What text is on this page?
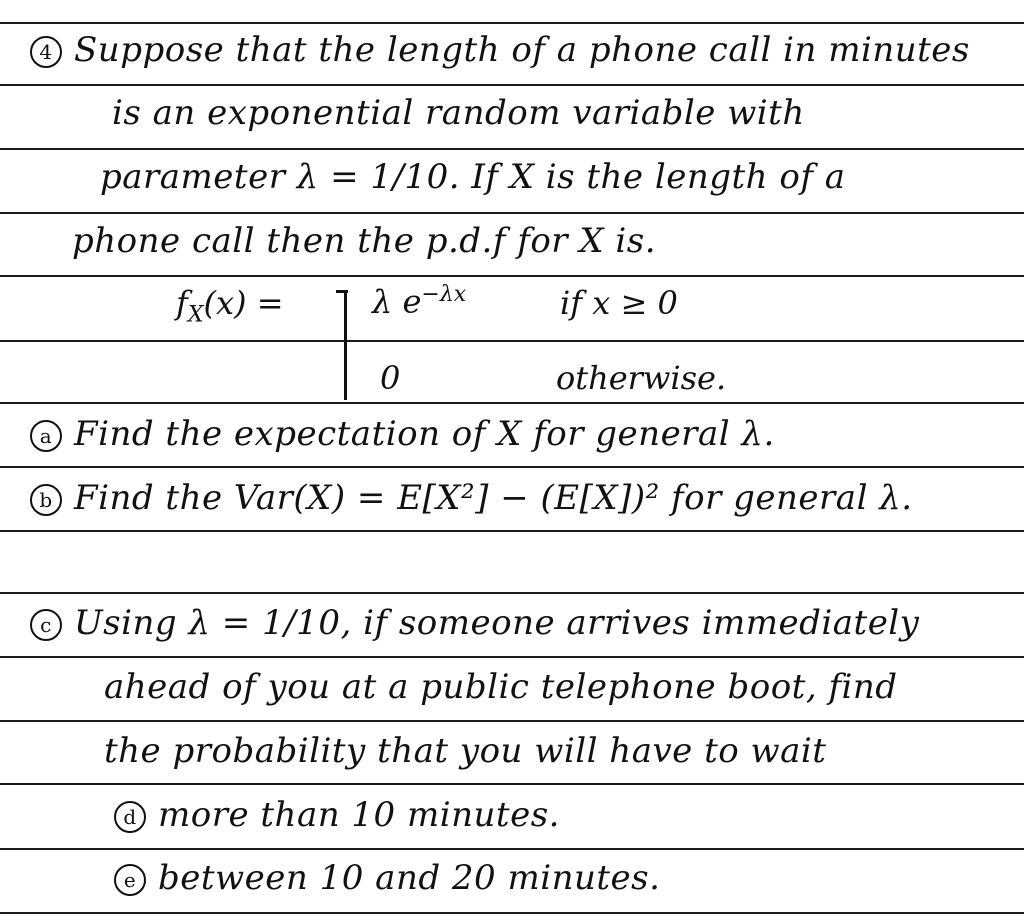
4 Suppose that the length of a phone call in minutes
is an exponential random variable with
parameter λ = 1/10. If X is the length of a
phone call then the p.d.f for X is.
$f_X(x)$ =	λ $e^{-\lambda x}$	if x ≥ 0
0	otherwise.
a Find the expectation of X for general λ.
b Find the Var(X) = E[X²] − (E[X])² for general λ.
c Using λ = 1/10, if someone arrives immediately
ahead of you at a public telephone boot, find
the probability that you will have to wait
d more than 10 minutes.
e between 10 and 20 minutes.
